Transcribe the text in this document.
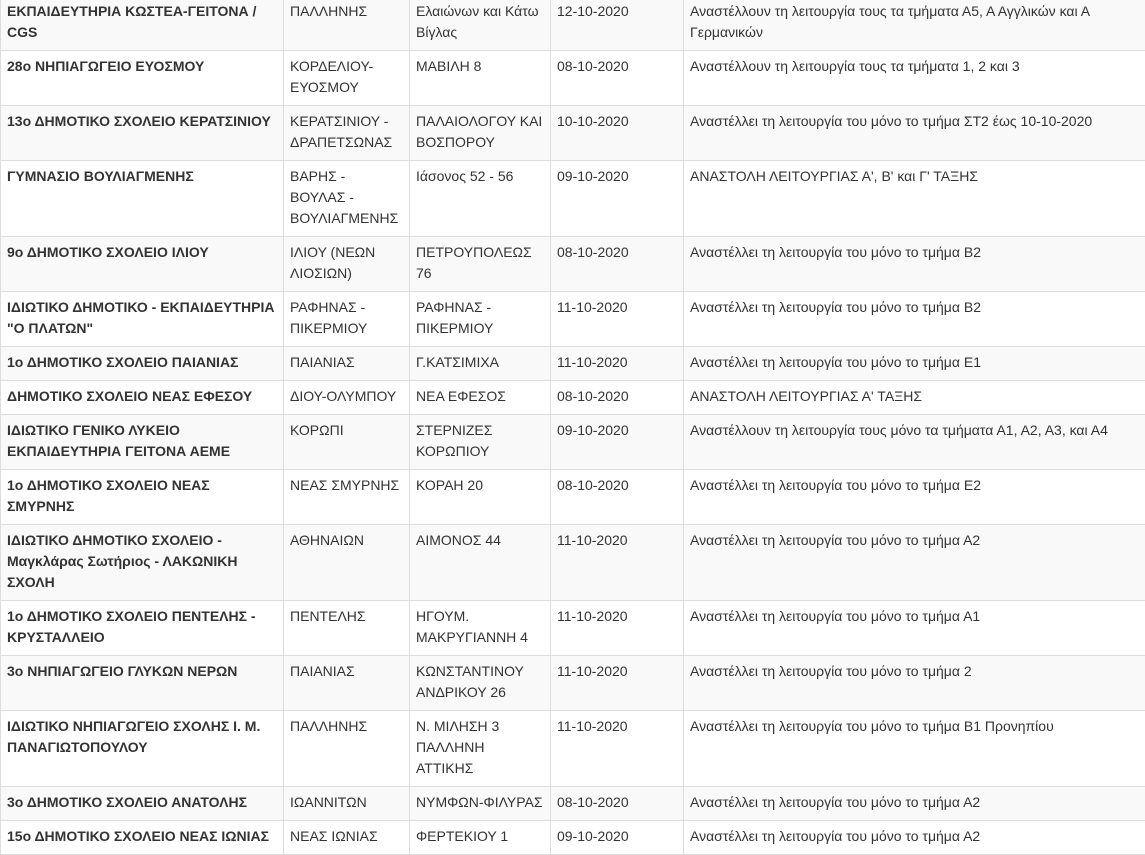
ΕΚΠΑΙΔΕΥΤΗΡΙΑ ΚΩΣΤΕΑ-ΓΕΙΤΟΝΑ / CGS	ΠΑΛΛΗΝΗΣ	Ελαιώνων και Κάτω Βίγλας	12-10-2020	Αναστέλλουν τη λειτουργία τους τα τμήματα Α5, Α Αγγλικών και Α Γερμανικών
28ο ΝΗΠΙΑΓΩΓΕΙΟ ΕΥΟΣΜΟΥ	ΚΟΡΔΕΛΙΟΥ-ΕΥΟΣΜΟΥ	ΜΑΒΙΛΗ 8	08-10-2020	Αναστέλλουν τη λειτουργία τους τα τμήματα 1, 2 και 3
13ο ΔΗΜΟΤΙΚΟ ΣΧΟΛΕΙΟ ΚΕΡΑΤΣΙΝΙΟΥ	ΚΕΡΑΤΣΙΝΙΟΥ - ΔΡΑΠΕΤΣΩΝΑΣ	ΠΑΛΑΙΟΛΟΓΟΥ ΚΑΙ ΒΟΣΠΟΡΟΥ	10-10-2020	Αναστέλλει τη λειτουργία του μόνο το τμήμα ΣΤ2 έως 10-10-2020
ΓΥΜΝΑΣΙΟ ΒΟΥΛΙΑΓΜΕΝΗΣ	ΒΑΡΗΣ - ΒΟΥΛΑΣ - ΒΟΥΛΙΑΓΜΕΝΗΣ	Ιάσονος 52 - 56	09-10-2020	ΑΝΑΣΤΟΛΗ ΛΕΙΤΟΥΡΓΙΑΣ Α', Β' και Γ' ΤΑΞΗΣ
9ο ΔΗΜΟΤΙΚΟ ΣΧΟΛΕΙΟ ΙΛΙΟΥ	ΙΛΙΟΥ (ΝΕΩΝ ΛΙΟΣΙΩΝ)	ΠΕΤΡΟΥΠΟΛΕΩΣ 76	08-10-2020	Αναστέλλει τη λειτουργία του μόνο το τμήμα Β2
ΙΔΙΩΤΙΚΟ ΔΗΜΟΤΙΚΟ - ΕΚΠΑΙΔΕΥΤΗΡΙΑ "Ο ΠΛΑΤΩΝ"	ΡΑΦΗΝΑΣ - ΠΙΚΕΡΜΙΟΥ	ΡΑΦΗΝΑΣ - ΠΙΚΕΡΜΙΟΥ	11-10-2020	Αναστέλλει τη λειτουργία του μόνο το τμήμα Β2
1ο ΔΗΜΟΤΙΚΟ ΣΧΟΛΕΙΟ ΠΑΙΑΝΙΑΣ	ΠΑΙΑΝΙΑΣ	Γ.ΚΑΤΣΙΜΙΧΑ	11-10-2020	Αναστέλλει τη λειτουργία του μόνο το τμήμα Ε1
ΔΗΜΟΤΙΚΟ ΣΧΟΛΕΙΟ ΝΕΑΣ ΕΦΕΣΟΥ	ΔΙΟΥ-ΟΛΥΜΠΟΥ	ΝΕΑ ΕΦΕΣΟΣ	08-10-2020	ΑΝΑΣΤΟΛΗ ΛΕΙΤΟΥΡΓΙΑΣ Α' ΤΑΞΗΣ
ΙΔΙΩΤΙΚΟ ΓΕΝΙΚΟ ΛΥΚΕΙΟ ΕΚΠΑΙΔΕΥΤΗΡΙΑ ΓΕΙΤΟΝΑ ΑΕΜΕ	ΚΟΡΩΠΙ	ΣΤΕΡΝΙΖΕΣ ΚΟΡΩΠΙΟΥ	09-10-2020	Αναστέλλουν τη λειτουργία τους μόνο τα τμήματα Α1, Α2, Α3, και Α4
1ο ΔΗΜΟΤΙΚΟ ΣΧΟΛΕΙΟ ΝΕΑΣ ΣΜΥΡΝΗΣ	ΝΕΑΣ ΣΜΥΡΝΗΣ	ΚΟΡΑΗ 20	08-10-2020	Αναστέλλει τη λειτουργία του μόνο το τμήμα Ε2
ΙΔΙΩΤΙΚΟ ΔΗΜΟΤΙΚΟ ΣΧΟΛΕΙΟ - Μαγκλάρας Σωτήριος - ΛΑΚΩΝΙΚΗ ΣΧΟΛΗ	ΑΘΗΝΑΙΩΝ	ΑΙΜΟΝΟΣ 44	11-10-2020	Αναστέλλει τη λειτουργία του μόνο το τμήμα Α2
1ο ΔΗΜΟΤΙΚΟ ΣΧΟΛΕΙΟ ΠΕΝΤΕΛΗΣ - ΚΡΥΣΤΑΛΛΕΙΟ	ΠΕΝΤΕΛΗΣ	ΗΓΟΥΜ. ΜΑΚΡΥΓΙΑΝΝΗ 4	11-10-2020	Αναστέλλει τη λειτουργία του μόνο το τμήμα Α1
3ο ΝΗΠΙΑΓΩΓΕΙΟ ΓΛΥΚΩΝ ΝΕΡΩΝ	ΠΑΙΑΝΙΑΣ	ΚΩΝΣΤΑΝΤΙΝΟΥ ΑΝΔΡΙΚΟΥ 26	11-10-2020	Αναστέλλει τη λειτουργία του μόνο το τμήμα 2
ΙΔΙΩΤΙΚΟ ΝΗΠΙΑΓΩΓΕΙΟ ΣΧΟΛΗΣ Ι. Μ. ΠΑΝΑΓΙΩΤΟΠΟΥΛΟΥ	ΠΑΛΛΗΝΗΣ	Ν. ΜΙΛΗΣΗ 3 ΠΑΛΛΗΝΗ ΑΤΤΙΚΗΣ	11-10-2020	Αναστέλλει τη λειτουργία του μόνο το τμήμα Β1 Προνηπίου
3ο ΔΗΜΟΤΙΚΟ ΣΧΟΛΕΙΟ ΑΝΑΤΟΛΗΣ	ΙΩΑΝΝΙΤΩΝ	ΝΥΜΦΩΝ-ΦΙΛΥΡΑΣ	08-10-2020	Αναστέλλει τη λειτουργία του μόνο το τμήμα Α2
15ο ΔΗΜΟΤΙΚΟ ΣΧΟΛΕΙΟ ΝΕΑΣ ΙΩΝΙΑΣ	ΝΕΑΣ ΙΩΝΙΑΣ	ΦΕΡΤΕΚΙΟΥ 1	09-10-2020	Αναστέλλει τη λειτουργία του μόνο το τμήμα Α2
